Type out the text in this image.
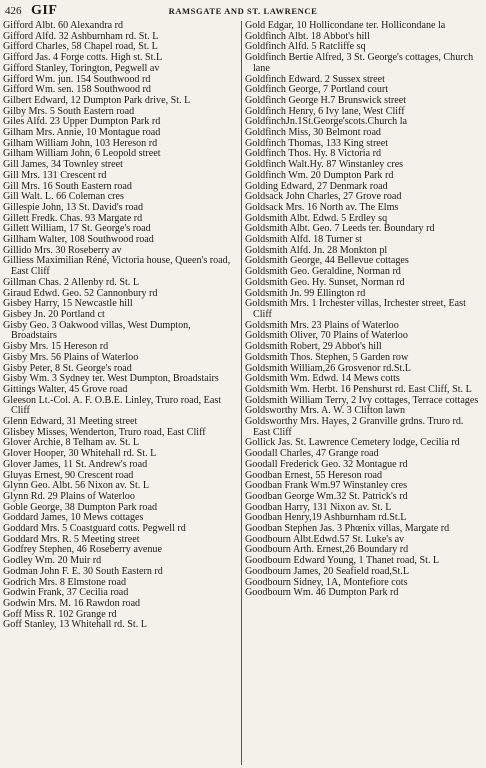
426 GIF	RAMSGATE AND ST. LAWRENCE
Gifford Albt. 60 Alexandra rd
Gifford Alfd. 32 Ashburnham rd. St. L
Gifford Charles, 58 Chapel road, St. L
Gifford Jas. 4 Forge cotts. High st. St.L
Gifford Stanley, Torington, Pegwell av
Gifford Wm. jun. 154 Southwood rd
Gifford Wm. sen. 158 Southwood rd
Gilbert Edward, 12 Dumpton Park drive, St. L
Gilby Mrs. 5 South Eastern road
Giles Alfd. 23 Upper Dumpton Park rd
Gilham Mrs. Annie, 10 Montague road
Gilham William John, 103 Hereson rd
Gilham William John, 6 Leopold street
Gill James, 34 Townley street
Gill Mrs. 131 Crescent rd
Gill Mrs. 16 South Eastern road
Gill Walt. L. 66 Coleman cres
Gillespie John, 13 St. David's road
Gillett Fredk. Chas. 93 Margate rd
Gillett William, 17 St. George's road
Gillham Walter, 108 Southwood road
Gillido Mrs. 30 Roseberry av
Gilliess Maximilian Réné, Victoria house, Queen's road, East Cliff
Gillman Chas. 2 Allenby rd. St. L
Giraud Edwd. Geo. 52 Cannonbury rd
Gisbey Harry, 15 Newcastle hill
Gisbey Jn. 20 Portland ct
Gisby Geo. 3 Oakwood villas, West Dumpton, Broadstairs
Gisby Mrs. 15 Hereson rd
Gisby Mrs. 56 Plains of Waterloo
Gisby Peter, 8 St. George's road
Gisby Wm. 3 Sydney ter. West Dumpton, Broadstairs
Gittings Walter, 45 Grove road
Gleeson Lt.-Col. A. F. O.B.E. Linley, Truro road, East Cliff
Glenn Edward, 31 Meeting street
Glisbey Misses, Wenderton, Truro road, East Cliff
Glover Archie, 8 Telham av. St. L
Glover Hooper, 30 Whitehall rd. St. L
Glover James, 11 St. Andrew's road
Gluyas Ernest, 90 Crescent road
Glynn Geo. Albt. 56 Nixon av. St. L
Glynn Rd. 29 Plains of Waterloo
Goble George, 38 Dumpton Park road
Goddard James, 10 Mews cottages
Goddard Mrs. 5 Coastguard cotts. Pegwell rd
Goddard Mrs. R. 5 Meeting street
Godfrey Stephen, 46 Roseberry avenue
Godley Wm. 20 Muir rd
Godman John F. E. 30 South Eastern rd
Godrich Mrs. 8 Elmstone road
Godwin Frank, 37 Cecilia road
Godwin Mrs. M. 16 Rawdon road
Goff Miss R. 102 Grange rd
Goff Stanley, 13 Whitehall rd. St. L
Gold Edgar, 10 Hollicondane ter. Hollicondane la
Goldfinch Albt. 18 Abbot's hill
Goldfinch Alfd. 5 Ratcliffe sq
Goldfinch Bertie Alfred, 3 St. George's cottages, Church lane
Goldfinch Edward. 2 Sussex street
Goldfinch George, 7 Portland court
Goldfinch George H.7 Brunswick street
Goldfinch Henry, 6 Ivy lane, West Cliff
GoldfinchJn.1St.George'scots.Church la
Goldfinch Miss, 30 Belmont road
Goldfinch Thomas, 133 King street
Goldfinch Thos. Hy. 8 Victoria rd
Goldfinch Walt.Hy. 87 Winstanley cres
Goldfinch Wm. 20 Dumpton Park rd
Golding Edward, 27 Denmark road
Goldsack John Charles, 27 Grove road
Goldsack Mrs. 16 North av. The Elms
Goldsmith Albt. Edwd. 5 Erdley sq
Goldsmith Albt. Geo. 7 Leeds ter. Boundary rd
Goldsmith Alfd. 18 Turner st
Goldsmith Alfd. Jn. 28 Monkton pl
Goldsmith George, 44 Bellevue cottages
Goldsmith Geo. Geraldine, Norman rd
Goldsmith Geo. Hy. Sunset, Norman rd
Goldsmith Jn. 99 Ellington rd
Goldsmith Mrs. 1 Irchester villas, Irchester street, East Cliff
Goldsmith Mrs. 23 Plains of Waterloo
Goldsmith Oliver, 70 Plains of Waterloo
Goldsmith Robert, 29 Abbot's hill
Goldsmith Thos. Stephen, 5 Garden row
Goldsmith William,26 Grosvenor rd.St.L
Goldsmith Wm. Edwd. 14 Mews cotts
Goldsmith Wm. Herbt. 16 Penshurst rd. East Cliff, St. L
Goldsmith William Terry, 2 Ivy cottages, Terrace cottages
Goldsworthy Mrs. A. W. 3 Clifton lawn
Goldsworthy Mrs. Hayes, 2 Granville grdns. Truro rd. East Cliff
Gollick Jas. St. Lawrence Cemetery lodge, Cecilia rd
Goodall Charles, 47 Grange road
Goodall Frederick Geo. 32 Montague rd
Goodban Ernest, 55 Hereson road
Goodban Frank Wm.97 Winstanley cres
Goodban George Wm.32 St. Patrick's rd
Goodban Harry, 131 Nixon av. St. L
Goodban Henry,19 Ashburnham rd.St.L
Goodban Stephen Jas. 3 Phœnix villas, Margate rd
Goodbourn Albt.Edwd.57 St. Luke's av
Goodbourn Arth. Ernest,26 Boundary rd
Goodbourn Edward Young, 1 Thanet road, St. L
Goodbourn James, 20 Seafield road,St.L
Goodbourn Sidney, 1A, Montefiore cots
Goodbourn Wm. 46 Dumpton Park rd
